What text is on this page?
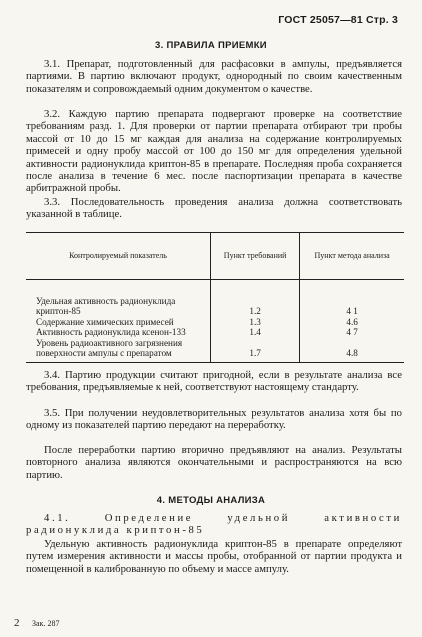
ГОСТ 25057—81 Стр. 3
3. ПРАВИЛА ПРИЕМКИ

3.1. Препарат, подготовленный для расфасовки в ампулы, предъявляется партиями. В партию включают продукт, однородный по своим качественным показателям и сопровождаемый одним документом о качестве.

3.2. Каждую партию препарата подвергают проверке на соответствие требованиям разд. 1. Для проверки от партии препарата отбирают три пробы массой от 10 до 15 мг каждая для анализа на содержание контролируемых примесей и одну пробу массой от 100 до 150 мг для определения удельной активности радионуклида криптон-85 в препарате. Последняя проба сохраняется после анализа в течение 6 мес. после паспортизации препарата в качестве арбитражной пробы.

3.3. Последовательность проведения анализа должна соответствовать указанной в таблице.

Контролируемый показатель	Пункт требований	Пункт метода анализа
Удельная активность радионуклида криптон-85	1.2	4 1
Содержание химических примесей	1.3	4.6
Активность радионуклида ксенон-133	1.4	4 7
Уровень радиоактивного загрязнения поверхности ампулы с препаратом	1.7	4.8

3.4. Партию продукции считают пригодной, если в результате анализа все требования, предъявляемые к ней, соответствуют настоящему стандарту.

3.5. При получении неудовлетворительных результатов анализа хотя бы по одному из показателей партию передают на переработку.

После переработки партию вторично предъявляют на анализ. Результаты повторного анализа являются окончательными и распространяются на всю партию.

4. МЕТОДЫ АНАЛИЗА

4.1. Определение удельной активности радионуклида криптон-85

Удельную активность радионуклида криптон-85 в препарате определяют путем измерения активности и массы пробы, отобранной от партии продукта и помещенной в калиброванную по объему и массе ампулу.

2 Зак. 287
